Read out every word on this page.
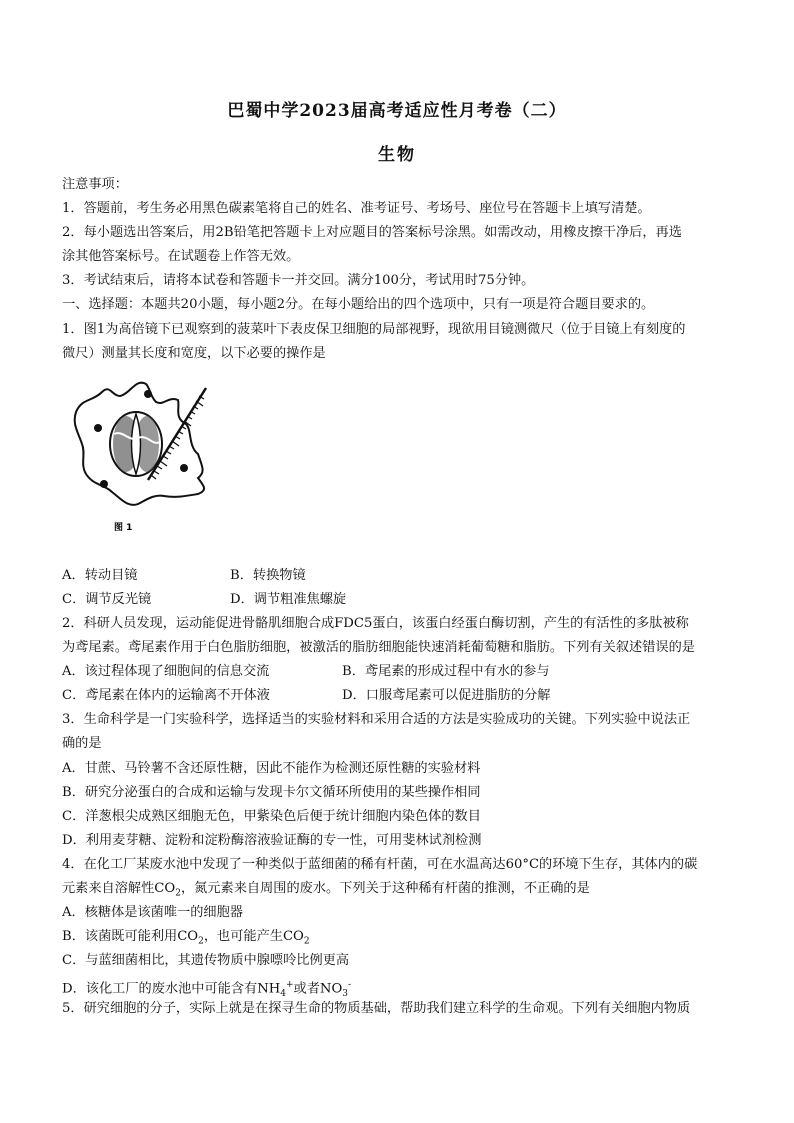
巴蜀中学2023届高考适应性月考卷（二）
生物
注意事项：
1．答题前，考生务必用黑色碳素笔将自己的姓名、准考证号、考场号、座位号在答题卡上填写清楚。
2．每小题选出答案后，用2B铅笔把答题卡上对应题目的答案标号涂黑。如需改动，用橡皮擦干净后，再选
涂其他答案标号。在试题卷上作答无效。
3．考试结束后，请将本试卷和答题卡一并交回。满分100分，考试用时75分钟。
一、选择题：本题共20小题，每小题2分。在每小题给出的四个选项中，只有一项是符合题目要求的。
1．图1为高倍镜下已观察到的菠菜叶下表皮保卫细胞的局部视野，现欲用目镜测微尺（位于目镜上有刻度的
微尺）测量其长度和宽度，以下必要的操作是
图 1
A．转动目镜	B．转换物镜
C．调节反光镜	D．调节粗准焦螺旋
2．科研人员发现，运动能促进骨骼肌细胞合成FDC5蛋白，该蛋白经蛋白酶切割，产生的有活性的多肽被称
为鸢尾素。鸢尾素作用于白色脂肪细胞，被激活的脂肪细胞能快速消耗葡萄糖和脂肪。下列有关叙述错误的是
A．该过程体现了细胞间的信息交流	B．鸢尾素的形成过程中有水的参与
C．鸢尾素在体内的运输离不开体液	D．口服鸢尾素可以促进脂肪的分解
3．生命科学是一门实验科学，选择适当的实验材料和采用合适的方法是实验成功的关键。下列实验中说法正
确的是
A．甘蔗、马铃薯不含还原性糖，因此不能作为检测还原性糖的实验材料
B．研究分泌蛋白的合成和运输与发现卡尔文循环所使用的某些操作相同
C．洋葱根尖成熟区细胞无色，甲紫染色后便于统计细胞内染色体的数目
D．利用麦芽糖、淀粉和淀粉酶溶液验证酶的专一性，可用斐林试剂检测
4．在化工厂某废水池中发现了一种类似于蓝细菌的稀有杆菌，可在水温高达60°C的环境下生存，其体内的碳
元素来自溶解性$CO_2$，氮元素来自周围的废水。下列关于这种稀有杆菌的推测，不正确的是
A．核糖体是该菌唯一的细胞器
B．该菌既可能利用$CO_2$，也可能产生$CO_2$
C．与蓝细菌相比，其遗传物质中腺嘌呤比例更高
D．该化工厂的废水池中可能含有$NH_4^+$或者$NO_3^-$
5．研究细胞的分子，实际上就是在探寻生命的物质基础，帮助我们建立科学的生命观。下列有关细胞内物质
